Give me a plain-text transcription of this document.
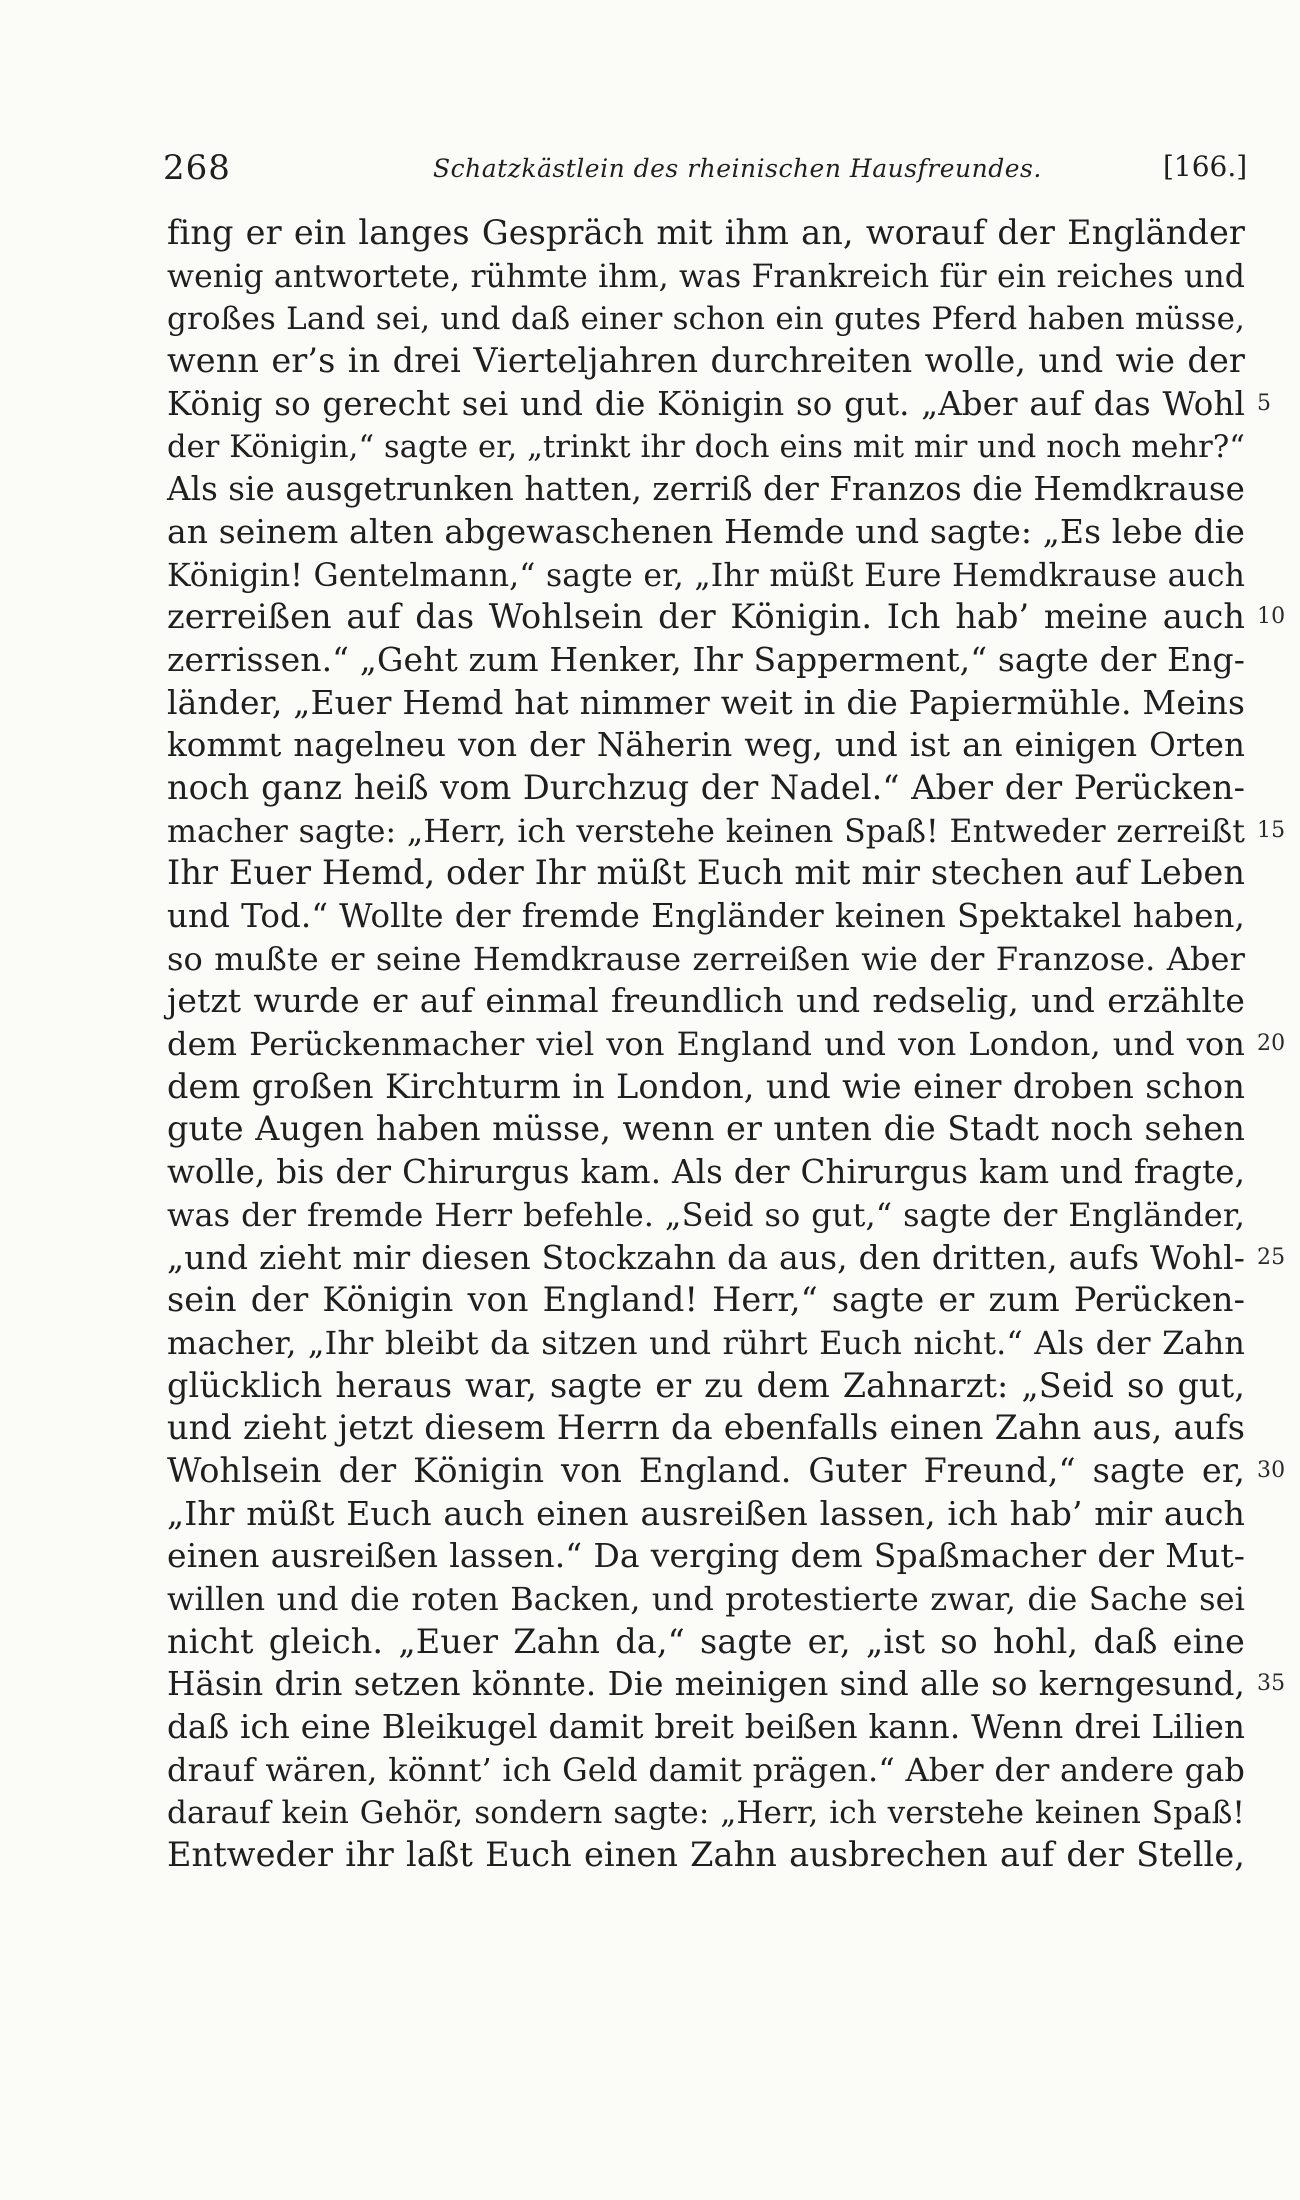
268	Schatzkästlein des rheinischen Hausfreundes.	[166.]
fing er ein langes Gespräch mit ihm an, worauf der Engländer
wenig antwortete, rühmte ihm, was Frankreich für ein reiches und
großes Land sei, und daß einer schon ein gutes Pferd haben müsse,
wenn er’s in drei Vierteljahren durchreiten wolle, und wie der
König so gerecht sei und die Königin so gut. „Aber auf das Wohl 5
der Königin,“ sagte er, „trinkt ihr doch eins mit mir und noch mehr?“
Als sie ausgetrunken hatten, zerriß der Franzos die Hemdkrause
an seinem alten abgewaschenen Hemde und sagte: „Es lebe die
Königin! Gentelmann,“ sagte er, „Ihr müßt Eure Hemdkrause auch
zerreißen auf das Wohlsein der Königin. Ich hab’ meine auch 10
zerrissen.“ „Geht zum Henker, Ihr Sapperment,“ sagte der Eng-
länder, „Euer Hemd hat nimmer weit in die Papiermühle. Meins
kommt nagelneu von der Näherin weg, und ist an einigen Orten
noch ganz heiß vom Durchzug der Nadel.“ Aber der Perücken-
macher sagte: „Herr, ich verstehe keinen Spaß! Entweder zerreißt 15
Ihr Euer Hemd, oder Ihr müßt Euch mit mir stechen auf Leben
und Tod.“ Wollte der fremde Engländer keinen Spektakel haben,
so mußte er seine Hemdkrause zerreißen wie der Franzose. Aber
jetzt wurde er auf einmal freundlich und redselig, und erzählte
dem Perückenmacher viel von England und von London, und von 20
dem großen Kirchturm in London, und wie einer droben schon
gute Augen haben müsse, wenn er unten die Stadt noch sehen
wolle, bis der Chirurgus kam. Als der Chirurgus kam und fragte,
was der fremde Herr befehle. „Seid so gut,“ sagte der Engländer,
„und zieht mir diesen Stockzahn da aus, den dritten, aufs Wohl- 25
sein der Königin von England! Herr,“ sagte er zum Perücken-
macher, „Ihr bleibt da sitzen und rührt Euch nicht.“ Als der Zahn
glücklich heraus war, sagte er zu dem Zahnarzt: „Seid so gut,
und zieht jetzt diesem Herrn da ebenfalls einen Zahn aus, aufs
Wohlsein der Königin von England. Guter Freund,“ sagte er, 30
„Ihr müßt Euch auch einen ausreißen lassen, ich hab’ mir auch
einen ausreißen lassen.“ Da verging dem Spaßmacher der Mut-
willen und die roten Backen, und protestierte zwar, die Sache sei
nicht gleich. „Euer Zahn da,“ sagte er, „ist so hohl, daß eine
Häsin drin setzen könnte. Die meinigen sind alle so kerngesund, 35
daß ich eine Bleikugel damit breit beißen kann. Wenn drei Lilien
drauf wären, könnt’ ich Geld damit prägen.“ Aber der andere gab
darauf kein Gehör, sondern sagte: „Herr, ich verstehe keinen Spaß!
Entweder ihr laßt Euch einen Zahn ausbrechen auf der Stelle,
